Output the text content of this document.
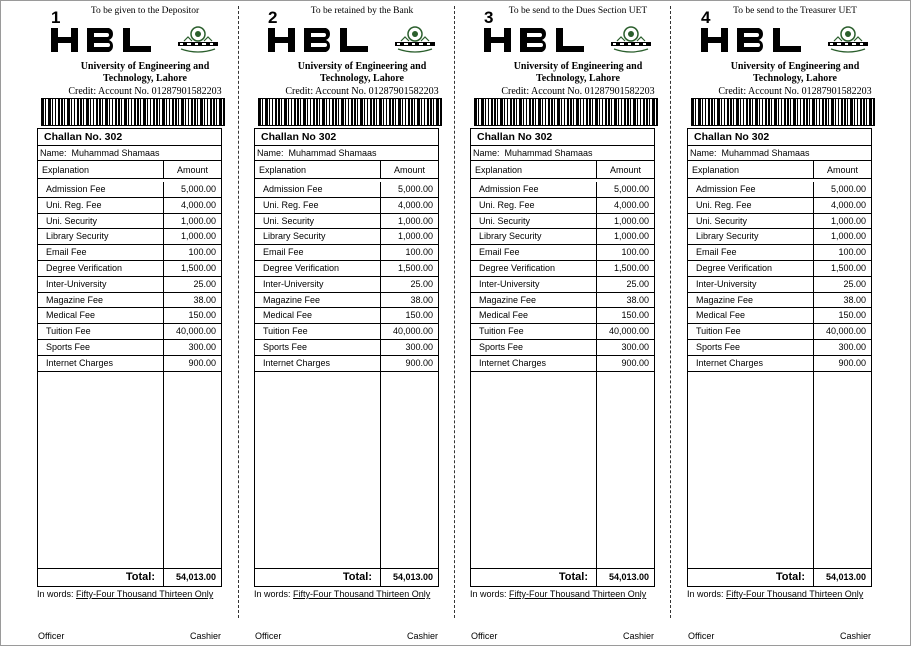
1	To be given to the Depositor
HBL
UET
University of Engineering and
Technology, Lahore
Credit: Account No. 01287901582203
Challan No. 302
Name: Muhammad Shamaas
Explanation	Amount
Admission Fee	5,000.00
Uni. Reg. Fee	4,000.00
Uni. Security	1,000.00
Library Security	1,000.00
Email Fee	100.00
Degree Verification	1,500.00
Inter-University	25.00
Magazine Fee	38.00
Medical Fee	150.00
Tuition Fee	40,000.00
Sports Fee	300.00
Internet Charges	900.00
Total:	54,013.00
In words: Fifty-Four Thousand Thirteen Only
Officer	Cashier
2	To be retained by the Bank
HBL
UET
University of Engineering and
Technology, Lahore
Credit: Account No. 01287901582203
Challan No 302
Name: Muhammad Shamaas
Explanation	Amount
Admission Fee	5,000.00
Uni. Reg. Fee	4,000.00
Uni. Security	1,000.00
Library Security	1,000.00
Email Fee	100.00
Degree Verification	1,500.00
Inter-University	25.00
Magazine Fee	38.00
Medical Fee	150.00
Tuition Fee	40,000.00
Sports Fee	300.00
Internet Charges	900.00
Total:	54,013.00
In words: Fifty-Four Thousand Thirteen Only
Officer	Cashier
3	To be send to the Dues Section UET
HBL
UET
University of Engineering and
Technology, Lahore
Credit: Account No. 01287901582203
Challan No 302
Name: Muhammad Shamaas
Explanation	Amount
Admission Fee	5,000.00
Uni. Reg. Fee	4,000.00
Uni. Security	1,000.00
Library Security	1,000.00
Email Fee	100.00
Degree Verification	1,500.00
Inter-University	25.00
Magazine Fee	38.00
Medical Fee	150.00
Tuition Fee	40,000.00
Sports Fee	300.00
Internet Charges	900.00
Total:	54,013.00
In words: Fifty-Four Thousand Thirteen Only
Officer	Cashier
4	To be send to the Treasurer UET
HBL
UET
University of Engineering and
Technology, Lahore
Credit: Account No. 01287901582203
Challan No 302
Name: Muhammad Shamaas
Explanation	Amount
Admission Fee	5,000.00
Uni. Reg. Fee	4,000.00
Uni. Security	1,000.00
Library Security	1,000.00
Email Fee	100.00
Degree Verification	1,500.00
Inter-University	25.00
Magazine Fee	38.00
Medical Fee	150.00
Tuition Fee	40,000.00
Sports Fee	300.00
Internet Charges	900.00
Total:	54,013.00
In words: Fifty-Four Thousand Thirteen Only
Officer	Cashier
